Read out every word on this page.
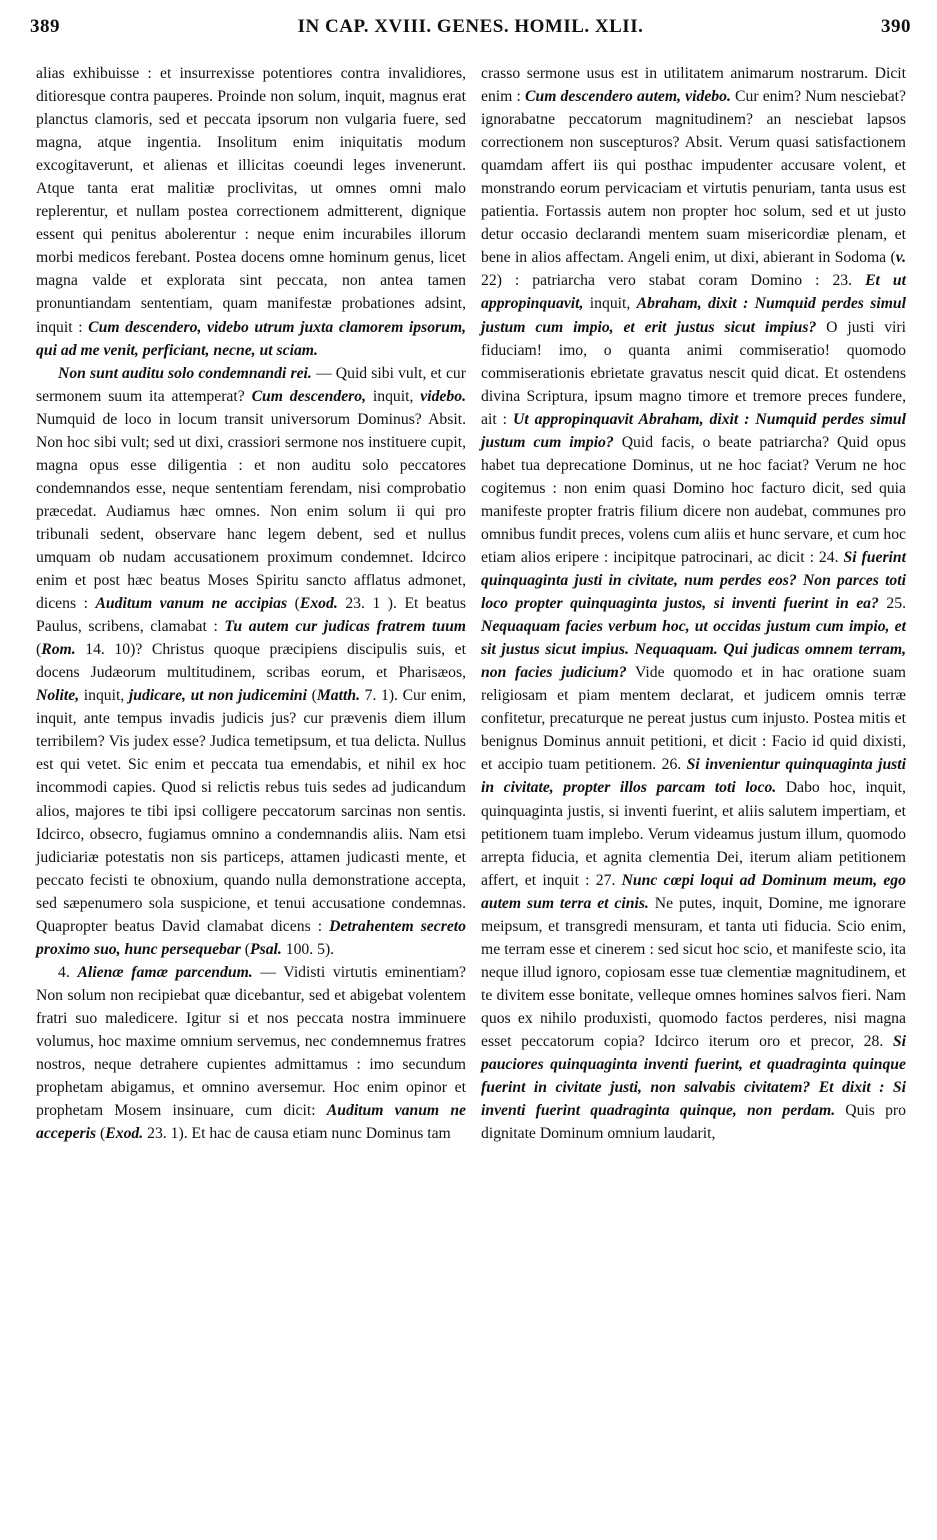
389	IN CAP. XVIII. GENES. HOMIL. XLII.	390

alias exhibuisse : et insurrexisse potentiores contra invalidiores, ditioresque contra pauperes. Proinde non solum, inquit, magnus erat planctus clamoris, sed et peccata ipsorum non vulgaria fuere, sed magna, atque ingentia. Insolitum enim iniquitatis modum excogitaverunt, et alienas et illicitas coeundi leges invenerunt. Atque tanta erat malitiæ proclivitas, ut omnes omni malo replerentur, et nullam postea correctionem admitterent, dignique essent qui penitus abolerentur : neque enim incurabiles illorum morbi medicos ferebant. Postea docens omne hominum genus, licet magna valde et explorata sint peccata, non antea tamen pronuntiandam sententiam, quam manifestæ probationes adsint, inquit : Cum descendero, videbo utrum juxta clamorem ipsorum, qui ad me venit, perficiant, necne, ut sciam.

Non sunt auditu solo condemnandi rei. — Quid sibi vult, et cur sermonem suum ita attemperat? Cum descendero, inquit, videbo. Numquid de loco in locum transit universorum Dominus? Absit. Non hoc sibi vult; sed ut dixi, crassiori sermone nos instituere cupit, magna opus esse diligentia : et non auditu solo peccatores condemnandos esse, neque sententiam ferendam, nisi comprobatio præcedat. Audiamus hæc omnes. Non enim solum ii qui pro tribunali sedent, observare hanc legem debent, sed et nullus umquam ob nudam accusationem proximum condemnet. Idcirco enim et post hæc beatus Moses Spiritu sancto afflatus admonet, dicens : Auditum vanum ne accipias (Exod. 23. 1 ). Et beatus Paulus, scribens, clamabat : Tu autem cur judicas fratrem tuum (Rom. 14. 10)? Christus quoque præcipiens discipulis suis, et docens Judæorum multitudinem, scribas eorum, et Pharisæos, Nolite, inquit, judicare, ut non judicemini (Matth. 7. 1). Cur enim, inquit, ante tempus invadis judicis jus? cur prævenis diem illum terribilem? Vis judex esse? Judica temetipsum, et tua delicta. Nullus est qui vetet. Sic enim et peccata tua emendabis, et nihil ex hoc incommodi capies. Quod si relictis rebus tuis sedes ad judicandum alios, majores te tibi ipsi colligere peccatorum sarcinas non sentis. Idcirco, obsecro, fugiamus omnino a condemnandis aliis. Nam etsi judiciariæ potestatis non sis particeps, attamen judicasti mente, et peccato fecisti te obnoxium, quando nulla demonstratione accepta, sed sæpenumero sola suspicione, et tenui accusatione condemnas. Quapropter beatus David clamabat dicens : Detrahentem secreto proximo suo, hunc persequebar (Psal. 100. 5).

4. Alienæ famæ parcendum. — Vidisti virtutis eminentiam? Non solum non recipiebat quæ dicebantur, sed et abigebat volentem fratri suo maledicere. Igitur si et nos peccata nostra imminuere volumus, hoc maxime omnium servemus, nec condemnemus fratres nostros, neque detrahere cupientes admittamus : imo secundum prophetam abigamus, et omnino aversemur. Hoc enim opinor et prophetam Mosem insinuare, cum dicit: Auditum vanum ne acceperis (Exod. 23. 1). Et hac de causa etiam nunc Dominus tam

crasso sermone usus est in utilitatem animarum nostrarum. Dicit enim : Cum descendero autem, videbo. Cur enim? Num nesciebat? ignorabatne peccatorum magnitudinem? an nesciebat lapsos correctionem non suscepturos? Absit. Verum quasi satisfactionem quamdam affert iis qui posthac impudenter accusare volent, et monstrando eorum pervicaciam et virtutis penuriam, tanta usus est patientia. Fortassis autem non propter hoc solum, sed et ut justo detur occasio declarandi mentem suam misericordiæ plenam, et bene in alios affectam. Angeli enim, ut dixi, abierant in Sodoma (v. 22) : patriarcha vero stabat coram Domino : 23. Et ut appropinquavit, inquit, Abraham, dixit : Numquid perdes simul justum cum impio, et erit justus sicut impius? O justi viri fiduciam! imo, o quanta animi commiseratio! quomodo commiserationis ebrietate gravatus nescit quid dicat. Et ostendens divina Scriptura, ipsum magno timore et tremore preces fundere, ait : Ut appropinquavit Abraham, dixit : Numquid perdes simul justum cum impio? Quid facis, o beate patriarcha? Quid opus habet tua deprecatione Dominus, ut ne hoc faciat? Verum ne hoc cogitemus : non enim quasi Domino hoc facturo dicit, sed quia manifeste propter fratris filium dicere non audebat, communes pro omnibus fundit preces, volens cum aliis et hunc servare, et cum hoc etiam alios eripere : incipitque patrocinari, ac dicit : 24. Si fuerint quinquaginta justi in civitate, num perdes eos? Non parces toti loco propter quinquaginta justos, si inventi fuerint in ea? 25. Nequaquam facies verbum hoc, ut occidas justum cum impio, et sit justus sicut impius. Nequaquam. Qui judicas omnem terram, non facies judicium? Vide quomodo et in hac oratione suam religiosam et piam mentem declarat, et judicem omnis terræ confitetur, precaturque ne pereat justus cum injusto. Postea mitis et benignus Dominus annuit petitioni, et dicit : Facio id quid dixisti, et accipio tuam petitionem. 26. Si invenientur quinquaginta justi in civitate, propter illos parcam toti loco. Dabo hoc, inquit, quinquaginta justis, si inventi fuerint, et aliis salutem impertiam, et petitionem tuam implebo. Verum videamus justum illum, quomodo arrepta fiducia, et agnita clementia Dei, iterum aliam petitionem affert, et inquit : 27. Nunc cœpi loqui ad Dominum meum, ego autem sum terra et cinis. Ne putes, inquit, Domine, me ignorare meipsum, et transgredi mensuram, et tanta uti fiducia. Scio enim, me terram esse et cinerem : sed sicut hoc scio, et manifeste scio, ita neque illud ignoro, copiosam esse tuæ clementiæ magnitudinem, et te divitem esse bonitate, velleque omnes homines salvos fieri. Nam quos ex nihilo produxisti, quomodo factos perderes, nisi magna esset peccatorum copia? Idcirco iterum oro et precor, 28. Si pauciores quinquaginta inventi fuerint, et quadraginta quinque fuerint in civitate justi, non salvabis civitatem? Et dixit : Si inventi fuerint quadraginta quinque, non perdam. Quis pro dignitate Dominum omnium laudarit,
